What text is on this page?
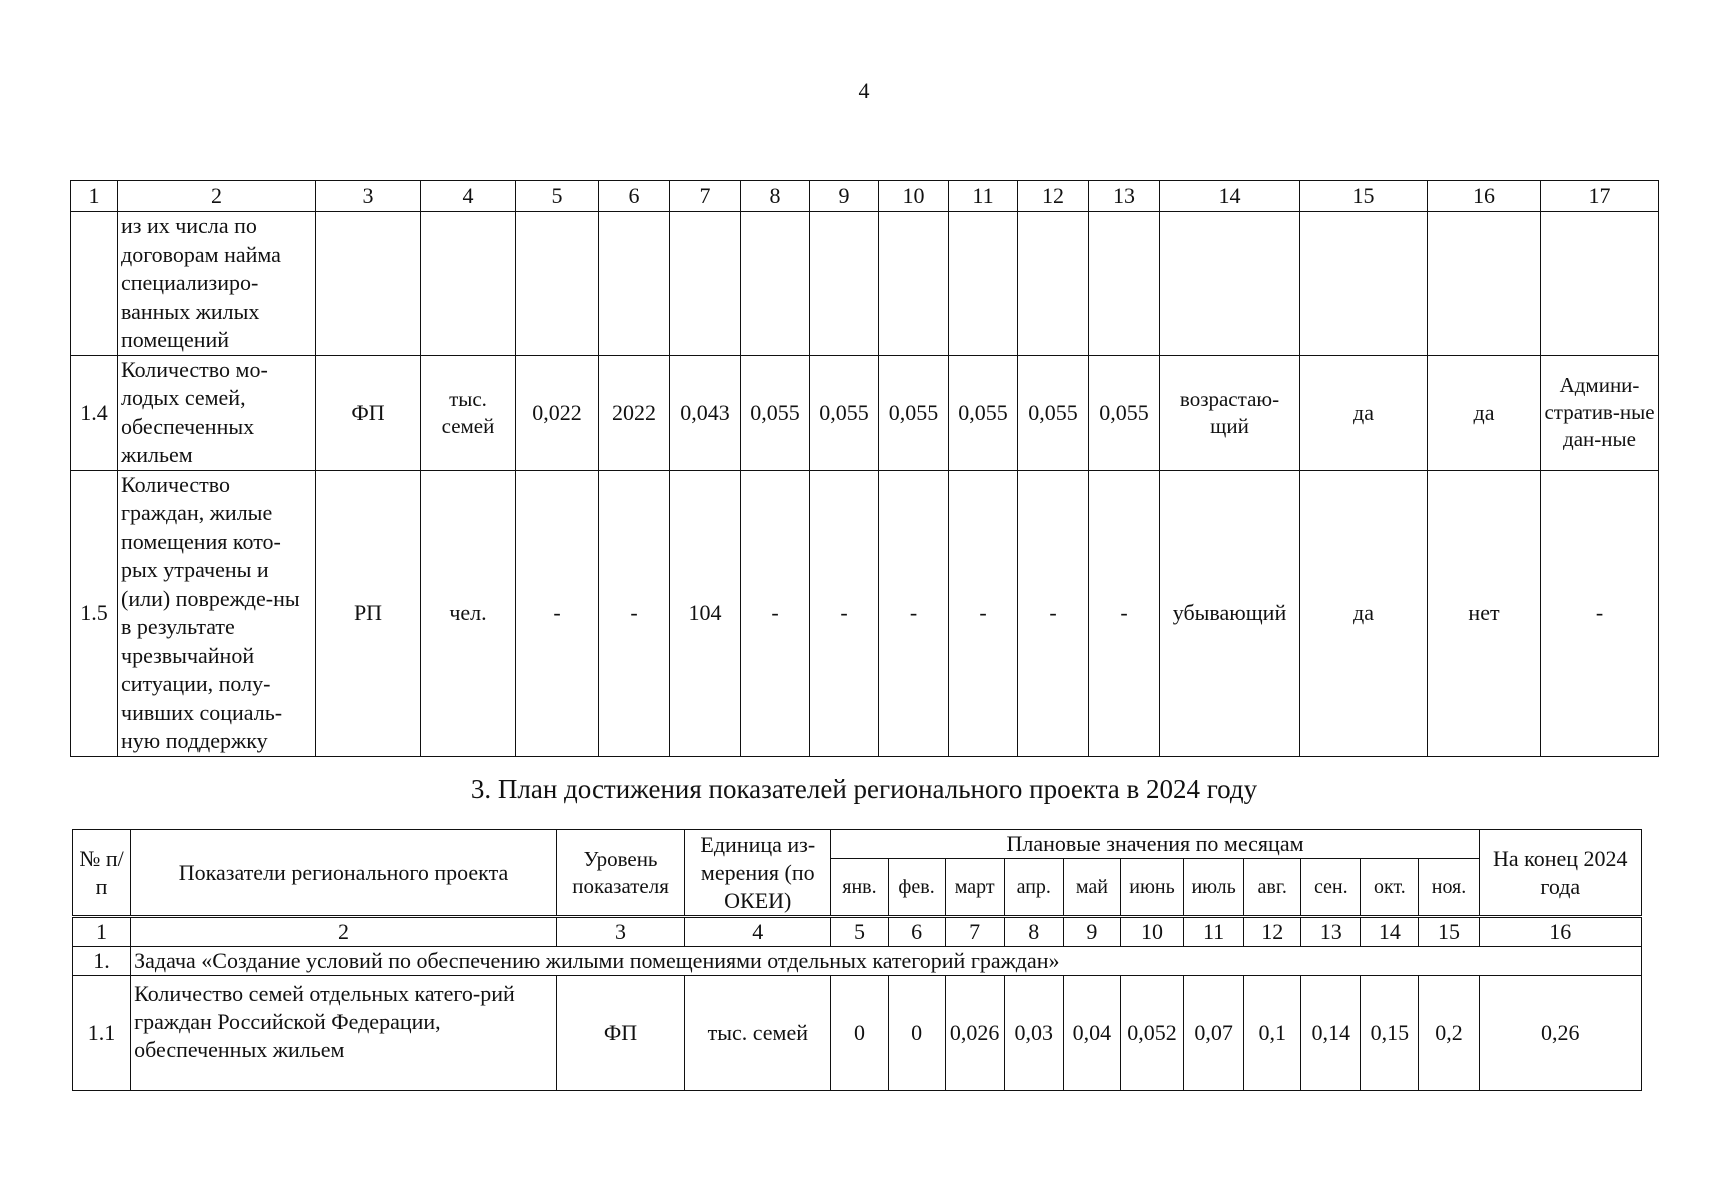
4
1	2	3	4	5	6	7	8	9	10	11	12	13	14	15	16	17
	из их числа по договорам найма специализиро-ванных жилых помещений															
1.4	Количество мо-лодых семей, обеспеченных жильем	ФП	тыс. семей	0,022	2022	0,043	0,055	0,055	0,055	0,055	0,055	0,055	возрастаю-щий	да	да	Админи-стратив-ные дан-ные
1.5	Количество граждан, жилые помещения кото-рых утрачены и (или) поврежде-ны в результате чрезвычайной ситуации, полу-чивших социаль-ную поддержку	РП	чел.	-	-	104	-	-	-	-	-	-	убывающий	да	нет	-
3. План достижения показателей регионального проекта в 2024 году
№ п/п	Показатели регионального проекта	Уровень показателя	Единица из-мерения (по ОКЕИ)	Плановые значения по месяцам											На конец 2024 года
				янв.	фев.	март	апр.	май	июнь	июль	авг.	сен.	окт.	ноя.	
1	2	3	4	5	6	7	8	9	10	11	12	13	14	15	16
1.	Задача «Создание условий по обеспечению жилыми помещениями отдельных категорий граждан»														
1.1	Количество семей отдельных катего-рий граждан Российской Федерации, обеспеченных жильем	ФП	тыс. семей	0	0	0,026	0,03	0,04	0,052	0,07	0,1	0,14	0,15	0,2	0,26
